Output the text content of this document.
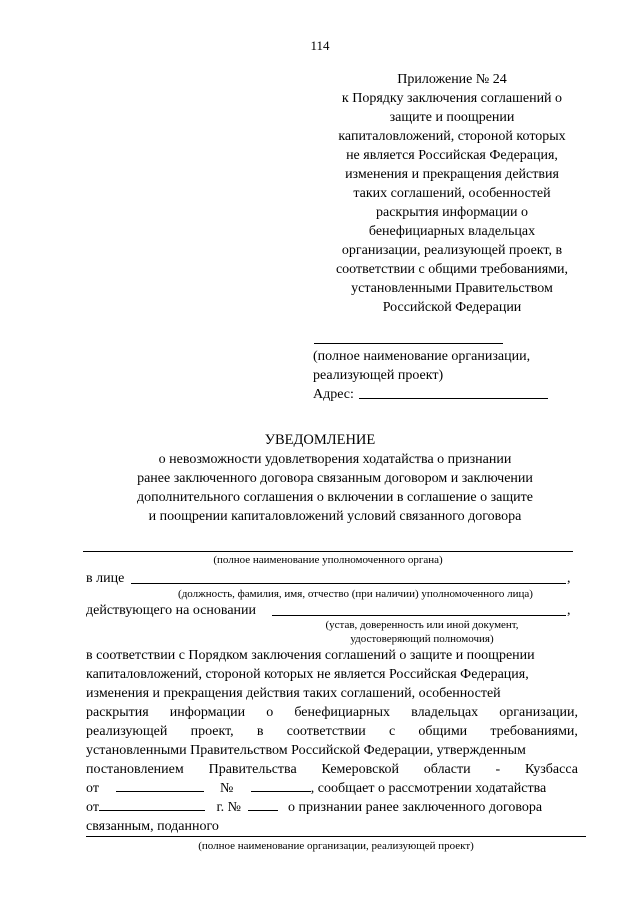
114
Приложение № 24
к Порядку заключения соглашений о
защите и поощрении
капиталовложений, стороной которых
не является Российская Федерация,
изменения и прекращения действия
таких соглашений, особенностей
раскрытия информации о
бенефициарных владельцах
организации, реализующей проект, в
соответствии с общими требованиями,
установленными Правительством
Российской Федерации
(полное наименование организации,
реализующей проект)
Адрес:
УВЕДОМЛЕНИЕ
о невозможности удовлетворения ходатайства о признании
ранее заключенного договора связанным договором и заключении
дополнительного соглашения о включении в соглашение о защите
и поощрении капиталовложений условий связанного договора
(полное наименование уполномоченного органа)
в лице	,
(должность, фамилия, имя, отчество (при наличии) уполномоченного лица)
действующего на основании	,
(устав, доверенность или иной документ,
удостоверяющий полномочия)
в соответствии с Порядком заключения соглашений о защите и поощрении
капиталовложений, стороной которых не является Российская Федерация,
изменения и прекращения действия таких соглашений, особенностей
раскрытия информации о бенефициарных владельцах организации,
реализующей проект, в соответствии с общими требованиями,
установленными Правительством Российской Федерации, утвержденным
постановлением Правительства Кемеровской области - Кузбасса
от	№	, сообщает о рассмотрении ходатайства
от	г. №	о признании ранее заключенного договора
связанным, поданного
(полное наименование организации, реализующей проект)
